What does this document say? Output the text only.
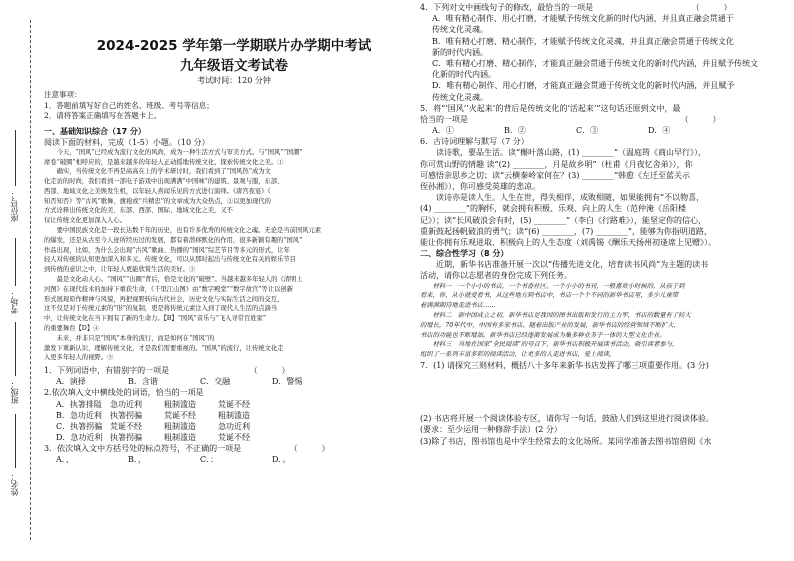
座位号：
考场：
班级：
姓名：
2024-2025 学年第一学期联片办学期中考试
九年级语文考试卷
考试时间：120 分钟
注意事项：
1．答题前填写好自己的姓名、班级、考号等信息；
2．请将答案正确填写在答题卡上。
一、基础知识综合（17 分）
阅读下面的材料，完成（1-5）小题。（10 分）
　　今天，“国风”已经成为流行文化的风尚，成为一种生活方式与审美方式。与“国风”“国潮”
席卷“破圈”相呼应的，是越来越多的年轻人正动摇地传统文化，探索传统文化之美。①
　　确实，当传统文化不再是高高在上的学术研讨时，我们看到了“国风热”成为文
化走访的时尚，我们看到一部电子游戏中出现满满“中国味”的建筑、景观与服，东部、
西部、地域文化之美焕发生机，以年轻人喜闻乐见的方式进行演绎。《唐宫夜宴》《
知否知否》等“古风”歌舞、旗袍或“兵精忠”的文章成为大众热点，②以更加现代的
方式诠释出传统文化的美、东部、西部、国际、地域文化之美，又不
仅让传统文化更加深入人心。
　　要中国民族文化是一段长达数千年的历史，也有许多优秀的传统文化之魂。无论是当前国风元素
的爆发，还是从古至今人迹所经历过的发展，都有着潜移默化的作用，很多新颖有趣的“国风”
作品出现，比如，为什么会出现“古风”歌曲、热播的“国风”综艺节目等多元的形式，让年
轻人对传统的认知更加深入和多元。传统文化，可以从那时起出与传统文化有关的娱乐节目
到传统的意识之中，让年轻人更能欣赏生活的美好。③
　　最是文化动人心。“国风”“出圈”背后，恰是文化的“破壁”。当越来越多年轻人的《清明上
河图》在现代技术的加持下重获生命，《千里江山图》由“数字殿堂”“数字故宫”等让以创新
形式展现原作精神与风貌，再把视野转向古代社会，历史文化与实际生活之间的交互，
这不仅是对于传统元素的“形”的复制，更是将传统元素注入到了现代人生活的点滴当
中，让传统文化在当下拥有了新的生命力。【B】“国风”音乐与“飞入寻常百姓家”
的重要舞台【D】④
　　未来，并非只是“国风”本身的流行，而是如何在“国风”的
激发下重新认识、理解传统文化，才是我们需要重视的。“国风”的流行，让传统文化走
入更多年轻人的视野。⑤
1．下列词语中，有错别字的一项是	（　　　）
A．演择	B．含谐	C．交融	D．警惕
2.依次填入文中横线处的词语，恰当的一项是
A．执箸排隘	急功近利	粗制滥造	荒诞不经
B．急功近利	执箸拐骗	荒诞不经	粗制滥造
C．执箸拐骗 荒诞不经	粗制滥造	急功近利
D．急功近利 执箸拐骗	粗制滥造	荒诞不经
3．依次填入文中方括号处的标点符号，不正确的一项是	（　　　）
A．、	B．，	C．：	D．。
4．下列对文中画线句子的修改，最恰当的一项是	（　　　）
A．唯有精心制作、用心打磨，才能赋予传统文化新的时代内涵，并且真正融会贯通于
传统文化灵魂。
B．唯有精心打磨、精心制作，才能赋予传统文化灵魂，并且真正融会贯通于传统文化
新的时代内涵。
C．唯有精心打磨、精心制作，才能真正融会贯通于传统文化的新时代内涵，并且赋予传统文
化新的时代内涵。
D．唯有精心制作、用心打磨，才能真正融会贯通于传统文化的新时代内涵，并且赋予
传统文化灵魂。
5．将“‘国风’‘火起来’的背后是传统文化的‘活起来’”这句话还原到文中，最
恰当的一项是	（　　　）
A．①	B．②	C．③	D．④
6．古诗词理解与默写（7 分）
　　读诗歌，要品生活。读“槲叶落山路，(1) ________”（温庭筠《商山早行》），
你可赏山野的情趣 读“(2) ________，月是故乡明”（杜甫《月夜忆舍弟》），你
可感悟亲思乡之切；读“云横秦岭家何在？(3) ________”韩愈《左迁至蓝关示
侄孙湘》），你可感受英雄的悲凉。
　　读诗亦是读人生。人生在世，得失相伴，成败相随，如果能拥有“不以物喜，
(4) ________”的胸怀，就会拥有积极、乐观、向上的人生（范仲淹《岳阳楼
记》）；读“长风破浪会有时，(5) ________”（李白《行路难》），能坚定你的信心，
重新鼓起扬帆破浪的勇气；读“(6) ________，(7) ________”，能够为你指明道路，
能让你拥有乐观进取、积极向上的人生态度（刘禹锡《酬乐天扬州初逢席上见赠》）。
二、综合性学习（8 分）
　　近期，新华书店准备开展一次以“传播先进文化，培育读书风尚”为主题的读书
活动，请你以志愿者的身份完成下列任务。
　　材料一　一个小小的书店，一个书香社区。一个小小的书刊，一般喜欢小时候的，从孩子到
看来，你，从小就爱看书，从这些地方到书店中，书店一个个不同的新华书店里，多少儿童带
着满满期待地走进书店……
　　材料二　新中国成立之初，新华书店是我国的图书出版和发行的主力军，书店的数量有了较大
的增长，70年代中，中国有多家书店。随着出版产业的发展，新华书店的经营领域不断扩大，
书店的功能也不断增加。新华书店已经逐渐发展成为集多种业务于一体的大型文化企业。
　　材料三　当地在国家“全民阅读”的号召下，新华书店积极开展读书活动，吸引读者参与，
组织了一系列丰富多彩的阅读活动，让更多的人走进书店，爱上阅读。
7．(1) 请探究三则材料，概括八十多年来新华书店发挥了哪三项重要作用。(3 分)
(2) 书店将开展一个阅读体验专区，请你写一句话，鼓励人们到这里进行阅读体验。
(要求：至少运用一种修辞手法）(2 分）
(3)除了书店，图书馆也是中学生经常去的文化场所。某同学准备去图书馆借阅《水
